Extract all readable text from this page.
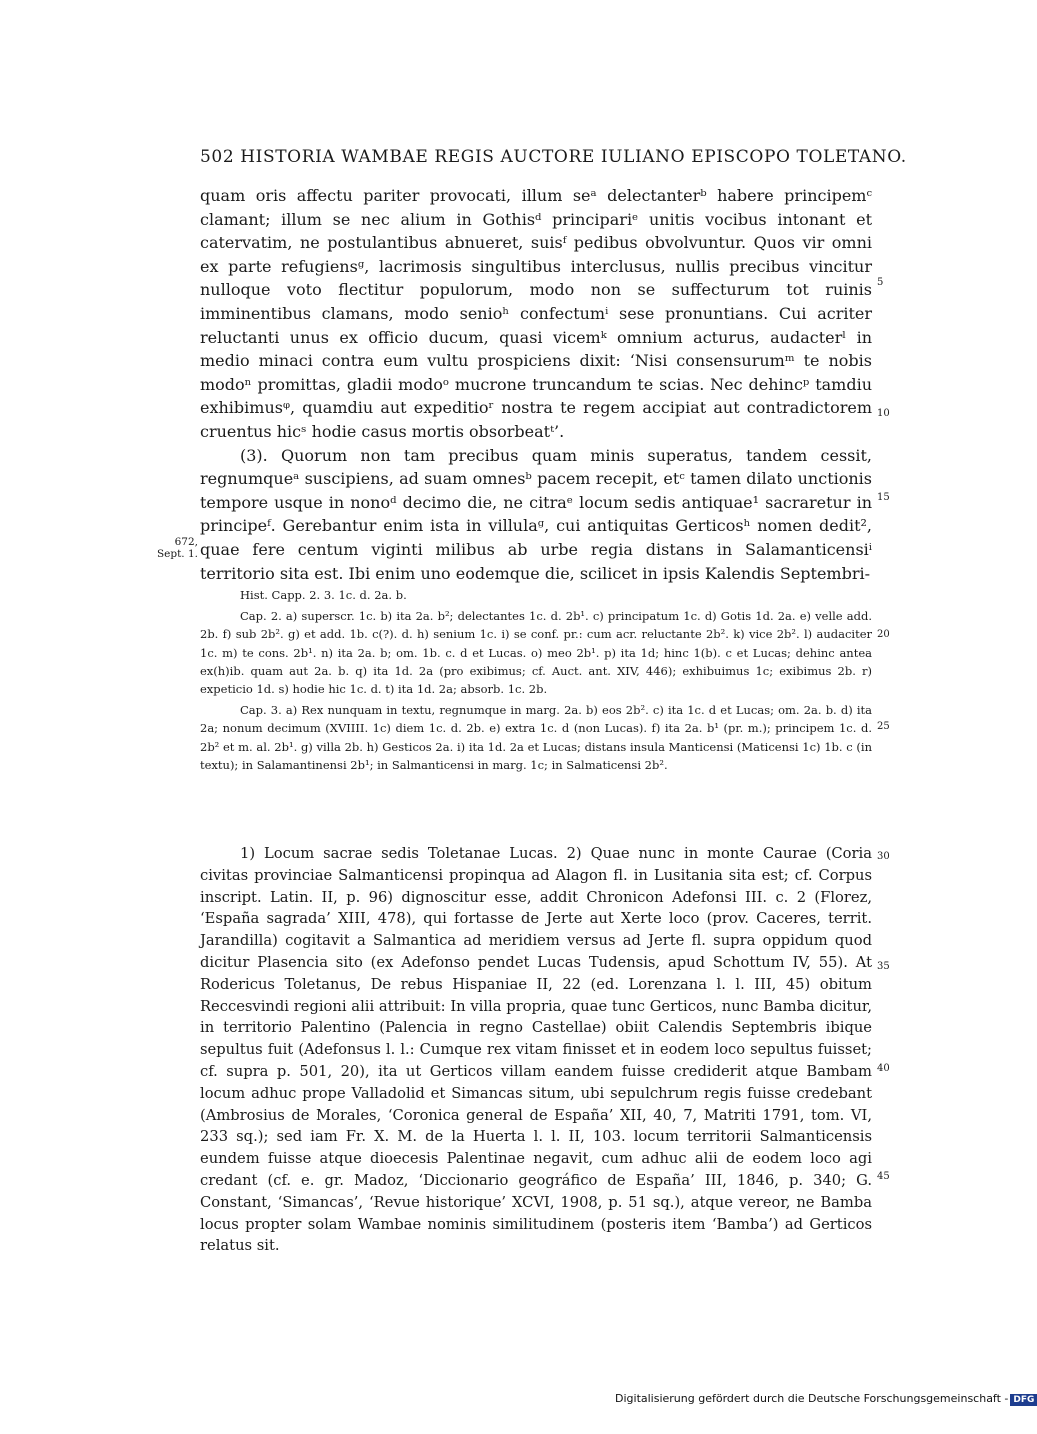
502 HISTORIA WAMBAE REGIS AUCTORE IULIANO EPISCOPO TOLETANO.

quam oris affectu pariter provocati, illum seᵃ delectanterᵇ habere principemᶜ clamant; illum se nec alium in Gothisᵈ principariᵉ unitis vocibus intonant et catervatim, ne postulantibus abnueret, suisᶠ pedibus obvolvuntur. Quos vir omni ex parte refugiensᵍ, lacrimosis singultibus interclusus, nullis precibus vincitur nulloque voto flectitur populorum, modo non se suffecturum tot ruinis imminentibus clamans, modo senioʰ confectumⁱ sese pronuntians. Cui acriter reluctanti unus ex officio ducum, quasi vicemᵏ omnium acturus, audacterˡ in medio minaci contra eum vultu prospiciens dixit: ‘Nisi consensurumᵐ te nobis modoⁿ promittas, gladii modoᵒ mucrone truncandum te scias. Nec dehincᵖ tamdiu exhibimusᵠ, quamdiu aut expeditioʳ nostra te regem accipiat aut contradictorem cruentus hicˢ hodie casus mortis obsorbeatᵗ’.

(3). Quorum non tam precibus quam minis superatus, tandem cessit, regnumqueᵃ suscipiens, ad suam omnesᵇ pacem recepit, etᶜ tamen dilato unctionis tempore usque in nonoᵈ decimo die, ne citraᵉ locum sedis antiquae¹ sacraretur in principeᶠ. Gerebantur enim ista in villulaᵍ, cui antiquitas Gerticosʰ nomen dedit², quae fere centum viginti milibus ab urbe regia distans in Salamanticensiⁱ territorio sita est. Ibi enim uno eodemque die, scilicet in ipsis Kalendis Septembri-

672,
Sept. 1.
5
10
15
20
25
30
35
40
45

Hist. Capp. 2. 3. 1c. d. 2a. b.

Cap. 2. a) superscr. 1c. b) ita 2a. b²; delectantes 1c. d. 2b¹. c) principatum 1c. d) Gotis 1d. 2a. e) velle add. 2b. f) sub 2b². g) et add. 1b. c(?). d. h) senium 1c. i) se conf. pr.: cum acr. reluctante 2b². k) vice 2b². l) audaciter 1c. m) te cons. 2b¹. n) ita 2a. b; om. 1b. c. d et Lucas. o) meo 2b¹. p) ita 1d; hinc 1(b). c et Lucas; dehinc antea ex(h)ib. quam aut 2a. b. q) ita 1d. 2a (pro exibimus; cf. Auct. ant. XIV, 446); exhibuimus 1c; exibimus 2b. r) expeticio 1d. s) hodie hic 1c. d. t) ita 1d. 2a; absorb. 1c. 2b.

Cap. 3. a) Rex nunquam in textu, regnumque in marg. 2a. b) eos 2b². c) ita 1c. d et Lucas; om. 2a. b. d) ita 2a; nonum decimum (XVIIII. 1c) diem 1c. d. 2b. e) extra 1c. d (non Lucas). f) ita 2a. b¹ (pr. m.); principem 1c. d. 2b² et m. al. 2b¹. g) villa 2b. h) Gesticos 2a. i) ita 1d. 2a et Lucas; distans insula Manticensi (Maticensi 1c) 1b. c (in textu); in Salamantinensi 2b¹; in Salmanticensi in marg. 1c; in Salmaticensi 2b².

1) Locum sacrae sedis Toletanae Lucas. 2) Quae nunc in monte Caurae (Coria civitas provinciae Salmanticensi propinqua ad Alagon fl. in Lusitania sita est; cf. Corpus inscript. Latin. II, p. 96) dignoscitur esse, addit Chronicon Adefonsi III. c. 2 (Florez, ‘España sagrada’ XIII, 478), qui fortasse de Jerte aut Xerte loco (prov. Caceres, territ. Jarandilla) cogitavit a Salmantica ad meridiem versus ad Jerte fl. supra oppidum quod dicitur Plasencia sito (ex Adefonso pendet Lucas Tudensis, apud Schottum IV, 55). At Rodericus Toletanus, De rebus Hispaniae II, 22 (ed. Lorenzana l. l. III, 45) obitum Reccesvindi regioni alii attribuit: In villa propria, quae tunc Gerticos, nunc Bamba dicitur, in territorio Palentino (Palencia in regno Castellae) obiit Calendis Septembris ibique sepultus fuit (Adefonsus l. l.: Cumque rex vitam finisset et in eodem loco sepultus fuisset; cf. supra p. 501, 20), ita ut Gerticos villam eandem fuisse crediderit atque Bambam locum adhuc prope Valladolid et Simancas situm, ubi sepulchrum regis fuisse credebant (Ambrosius de Morales, ‘Coronica general de España’ XII, 40, 7, Matriti 1791, tom. VI, 233 sq.); sed iam Fr. X. M. de la Huerta l. l. II, 103. locum territorii Salmanticensis eundem fuisse atque dioecesis Palentinae negavit, cum adhuc alii de eodem loco agi credant (cf. e. gr. Madoz, ‘Diccionario geográfico de España’ III, 1846, p. 340; G. Constant, ‘Simancas’, ‘Revue historique’ XCVI, 1908, p. 51 sq.), atque vereor, ne Bamba locus propter solam Wambae nominis similitudinem (posteris item ‘Bamba’) ad Gerticos relatus sit.

Digitalisierung gefördert durch die Deutsche Forschungsgemeinschaft - DFG
